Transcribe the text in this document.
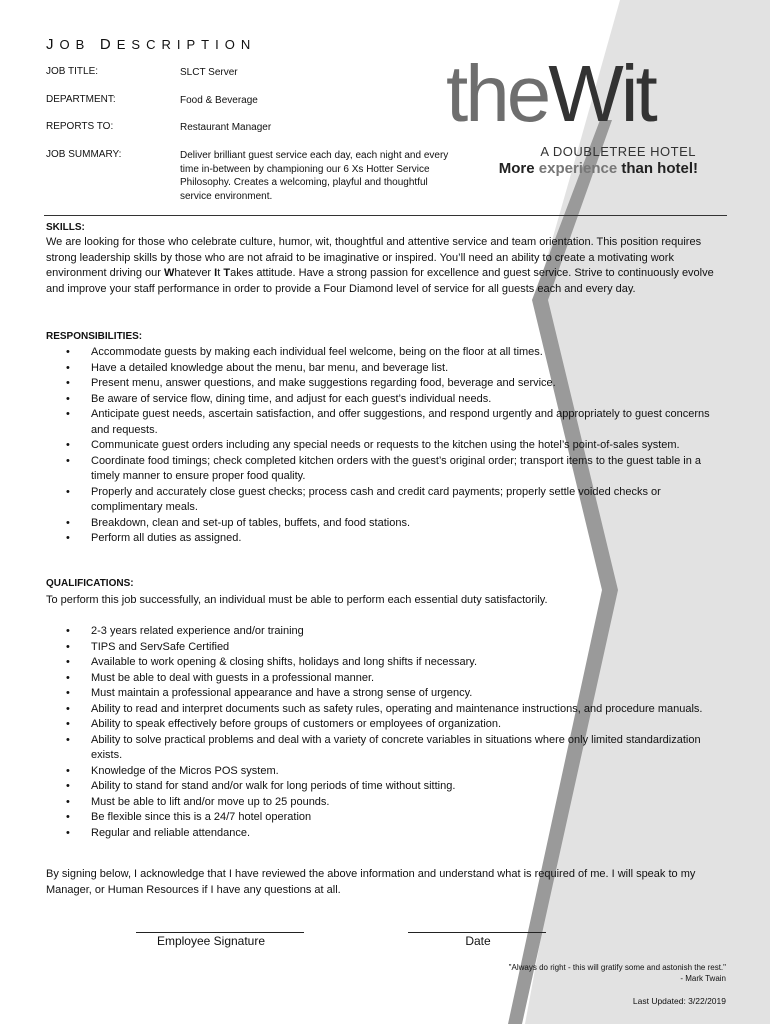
JOB DESCRIPTION
JOB TITLE:	SLCT Server
DEPARTMENT:	Food & Beverage
REPORTS TO:	Restaurant Manager
JOB SUMMARY:	Deliver brilliant guest service each day, each night and every time in-between by championing our 6 Xs Hotter Service Philosophy. Creates a welcoming, playful and thoughtful service environment.
theWit
A DOUBLETREE HOTEL
More experience than hotel!
SKILLS:
We are looking for those who celebrate culture, humor, wit, thoughtful and attentive service and team orientation. This position requires strong leadership skills by those who are not afraid to be imaginative or inspired. You’ll need an ability to create a motivating work environment driving our Whatever It Takes attitude. Have a strong passion for excellence and guest service. Strive to continuously evolve and improve your staff performance in order to provide a Four Diamond level of service for all guests each and every day.
RESPONSIBILITIES:
• Accommodate guests by making each individual feel welcome, being on the floor at all times.
• Have a detailed knowledge about the menu, bar menu, and beverage list.
• Present menu, answer questions, and make suggestions regarding food, beverage and service.
• Be aware of service flow, dining time, and adjust for each guest’s individual needs.
• Anticipate guest needs, ascertain satisfaction, and offer suggestions, and respond urgently and appropriately to guest concerns and requests.
• Communicate guest orders including any special needs or requests to the kitchen using the hotel’s point-of-sales system.
• Coordinate food timings; check completed kitchen orders with the guest’s original order; transport items to the guest table in a timely manner to ensure proper food quality.
• Properly and accurately close guest checks; process cash and credit card payments; properly settle voided checks or complimentary meals.
• Breakdown, clean and set-up of tables, buffets, and food stations.
• Perform all duties as assigned.
QUALIFICATIONS:
To perform this job successfully, an individual must be able to perform each essential duty satisfactorily.
• 2-3 years related experience and/or training
• TIPS and ServSafe Certified
• Available to work opening & closing shifts, holidays and long shifts if necessary.
• Must be able to deal with guests in a professional manner.
• Must maintain a professional appearance and have a strong sense of urgency.
• Ability to read and interpret documents such as safety rules, operating and maintenance instructions, and procedure manuals.
• Ability to speak effectively before groups of customers or employees of organization.
• Ability to solve practical problems and deal with a variety of concrete variables in situations where only limited standardization exists.
• Knowledge of the Micros POS system.
• Ability to stand for stand and/or walk for long periods of time without sitting.
• Must be able to lift and/or move up to 25 pounds.
• Be flexible since this is a 24/7 hotel operation
• Regular and reliable attendance.
By signing below, I acknowledge that I have reviewed the above information and understand what is required of me. I will speak to my Manager, or Human Resources if I have any questions at all.
Employee Signature	Date
"Always do right - this will gratify some and astonish the rest."
- Mark Twain
Last Updated: 3/22/2019
